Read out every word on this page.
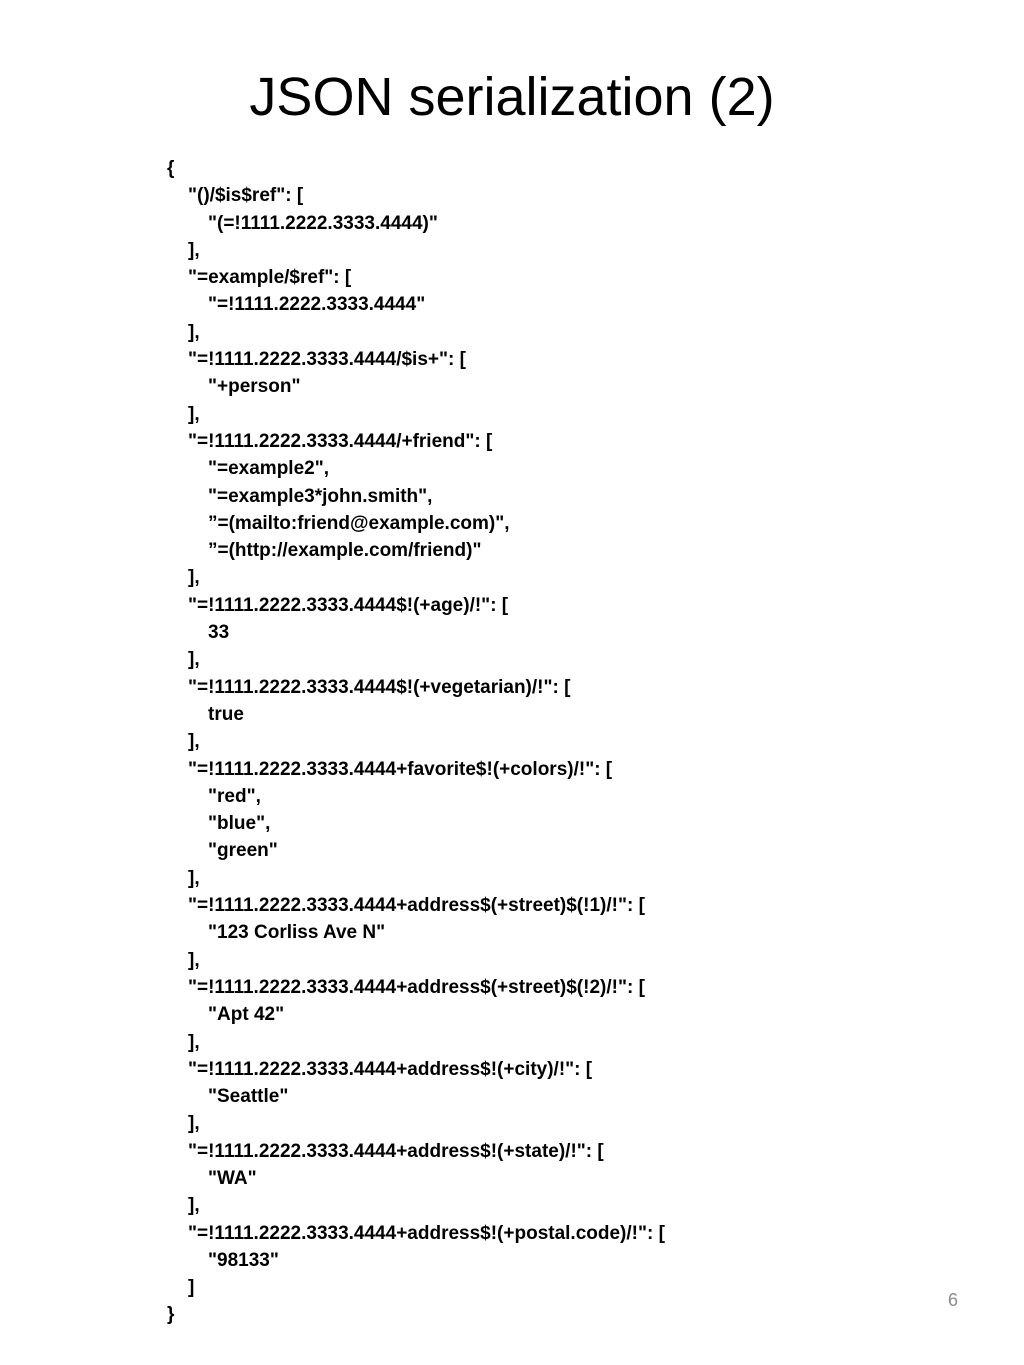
JSON serialization (2)
{
"()/$is$ref": [
"(=!1111.2222.3333.4444)"
],
"=example/$ref": [
"=!1111.2222.3333.4444"
],
"=!1111.2222.3333.4444/$is+": [
"+person"
],
"=!1111.2222.3333.4444/+friend": [
"=example2",
"=example3*john.smith",
”=(mailto:friend@example.com)",
”=(http://example.com/friend)"
],
"=!1111.2222.3333.4444$!(+age)/!": [
33
],
"=!1111.2222.3333.4444$!(+vegetarian)/!": [
true
],
"=!1111.2222.3333.4444+favorite$!(+colors)/!": [
"red",
"blue",
"green"
],
"=!1111.2222.3333.4444+address$(+street)$(!1)/!": [
"123 Corliss Ave N"
],
"=!1111.2222.3333.4444+address$(+street)$(!2)/!": [
"Apt 42"
],
"=!1111.2222.3333.4444+address$!(+city)/!": [
"Seattle"
],
"=!1111.2222.3333.4444+address$!(+state)/!": [
"WA"
],
"=!1111.2222.3333.4444+address$!(+postal.code)/!": [
"98133"
]
}
6
